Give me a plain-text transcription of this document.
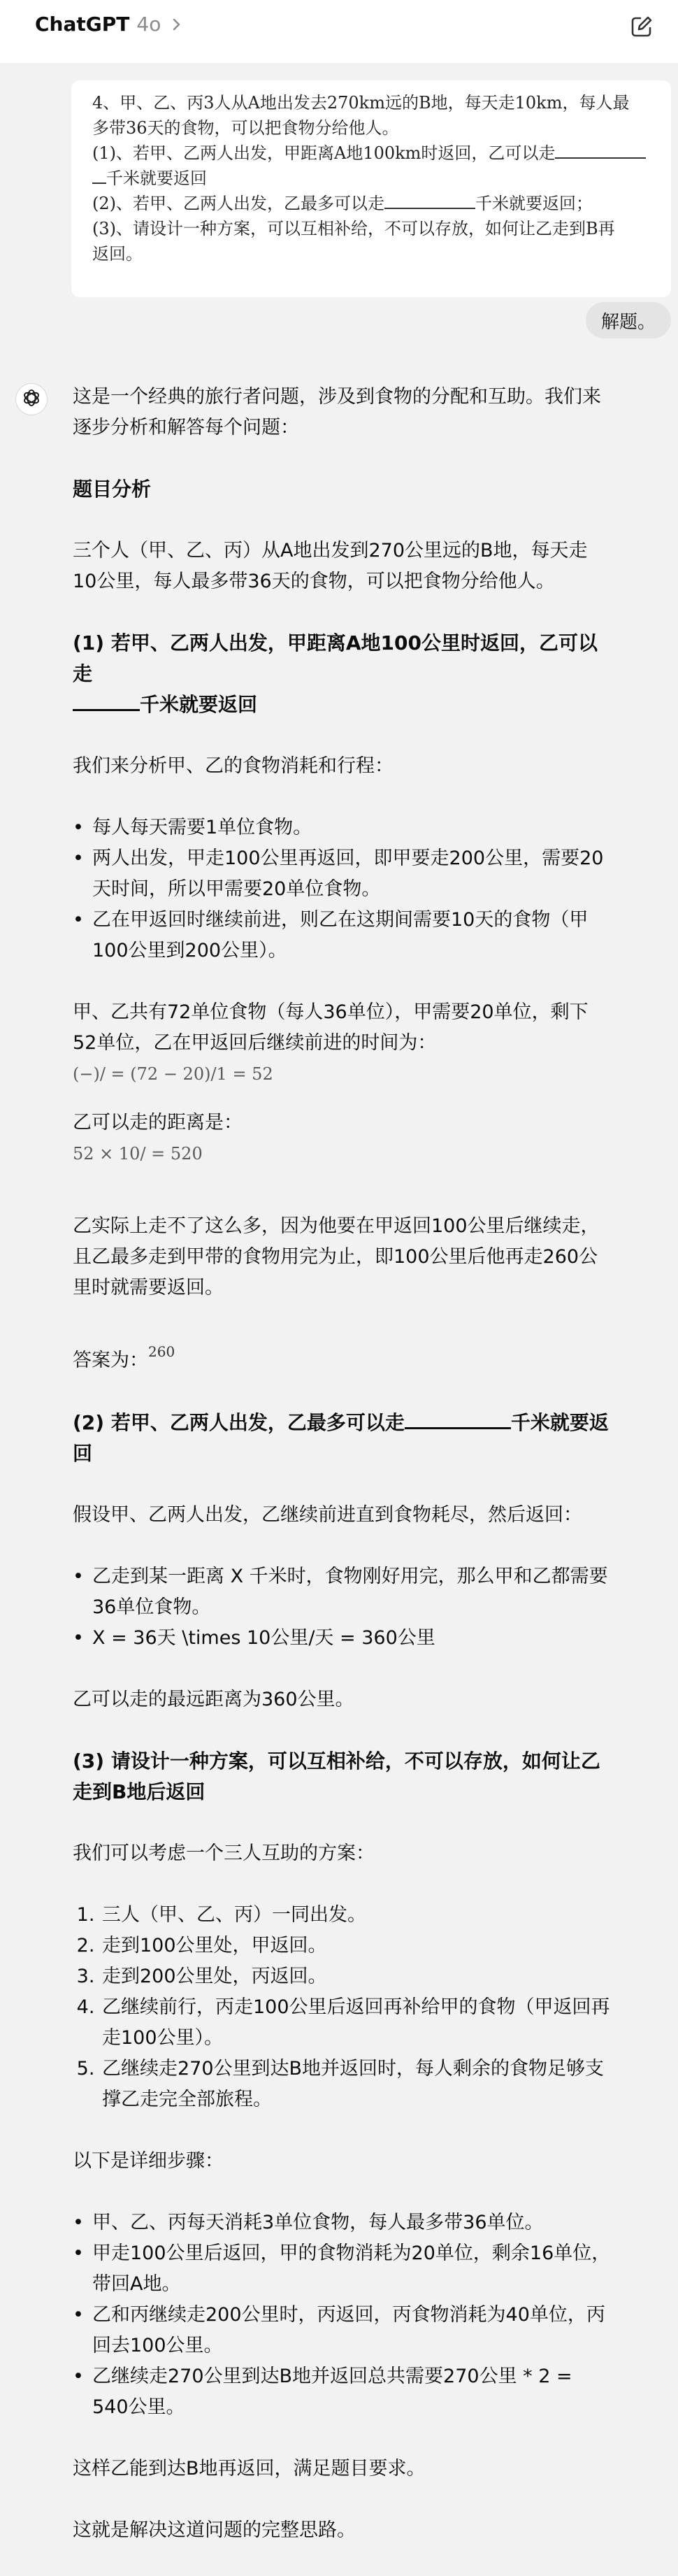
ChatGPT 4o

4、甲、乙、丙3人从A地出发去270km远的B地，每天走10km，每人最

多带36天的食物，可以把食物分给他人。

(1)、若甲、乙两人出发，甲距离A地100km时返回，乙可以走

千米就要返回

(2)、若甲、乙两人出发，乙最多可以走	千米就要返回；

(3)、请设计一种方案，可以互相补给，不可以存放，如何让乙走到B再

返回。

解题。

这是一个经典的旅行者问题，涉及到食物的分配和互助。我们来逐步分析和解答每个问题：

题目分析

三个人（甲、乙、丙）从A地出发到270公里远的B地，每天走10公里，每人最多带36天的食物，可以把食物分给他人。

(1) 若甲、乙两人出发，甲距离A地100公里时返回，乙可以走
千米就要返回

我们来分析甲、乙的食物消耗和行程：

• 每人每天需要1单位食物。
• 两人出发，甲走100公里再返回，即甲要走200公里，需要20天时间，所以甲需要20单位食物。
• 乙在甲返回时继续前进，则乙在这期间需要10天的食物（甲100公里到200公里）。

甲、乙共有72单位食物（每人36单位），甲需要20单位，剩下52单位，乙在甲返回后继续前进的时间为：

(−)/ = (72 − 20)/1 = 52

乙可以走的距离是：

52 × 10/ = 520

乙实际上走不了这么多，因为他要在甲返回100公里后继续走，且乙最多走到甲带的食物用完为止，即100公里后他再走260公里时就需要返回。

答案为：$^{260}$

(2) 若甲、乙两人出发，乙最多可以走	千米就要返回

假设甲、乙两人出发，乙继续前进直到食物耗尽，然后返回：

• 乙走到某一距离 X 千米时，食物刚好用完，那么甲和乙都需要36单位食物。
• X = 36天 \times 10公里/天 = 360公里

乙可以走的最远距离为360公里。

(3) 请设计一种方案，可以互相补给，不可以存放，如何让乙走到B地后返回

我们可以考虑一个三人互助的方案：

1. 三人（甲、乙、丙）一同出发。
2. 走到100公里处，甲返回。
3. 走到200公里处，丙返回。
4. 乙继续前行，丙走100公里后返回再补给甲的食物（甲返回再走100公里）。
5. 乙继续走270公里到达B地并返回时，每人剩余的食物足够支撑乙走完全部旅程。

以下是详细步骤：

• 甲、乙、丙每天消耗3单位食物，每人最多带36单位。
• 甲走100公里后返回，甲的食物消耗为20单位，剩余16单位，带回A地。
• 乙和丙继续走200公里时，丙返回，丙食物消耗为40单位，丙回去100公里。
• 乙继续走270公里到达B地并返回总共需要270公里 * 2 = 540公里。

这样乙能到达B地再返回，满足题目要求。

这就是解决这道问题的完整思路。
